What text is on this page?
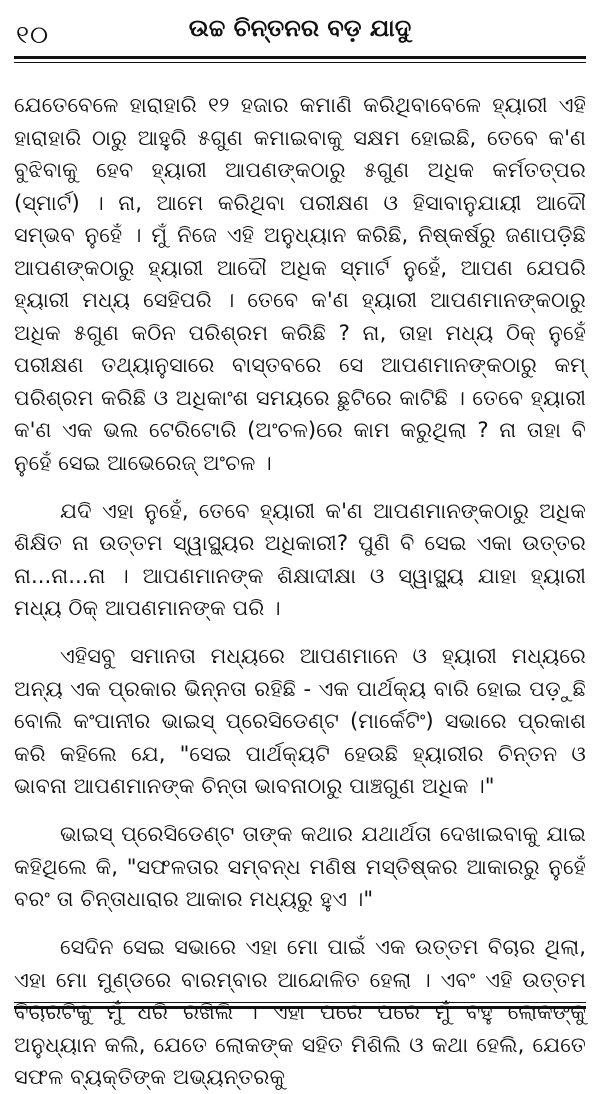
୧୦	ଉଚ୍ଚ ଚିନ୍ତନର ବଡ଼ ଯାଦୁ

ଯେତେବେଳେ ହାରାହାରି ୧୨ ହଜାର କମାଣି କରିଥିବାବେଳେ ହ୍ୟାରୀ ଏହି ହାରାହାରି ଠାରୁ ଆହୁରି ୫ଗୁଣ କମାଇବାକୁ ସକ୍ଷମ ହୋଇଛି, ତେବେ କ'ଣ ବୁଝିବାକୁ ହେବ ହ୍ୟାରୀ ଆପଣଙ୍କଠାରୁ ୫ଗୁଣ ଅଧିକ କର୍ମତତ୍ପର (ସ୍ମାର୍ଟ) । ନା, ଆମେ କରିଥିବା ପରୀକ୍ଷଣ ଓ ହିସାବାନୁଯାୟୀ ଆଦୌ ସମ୍ଭବ ନୁହେଁ । ମୁଁ ନିଜେ ଏହି ଅନୁଧ୍ୟାନ କରିଛି, ନିଷ୍କର୍ଷରୁ ଜଣାପଡ଼ିଛି ଆପଣଙ୍କଠାରୁ ହ୍ୟାରୀ ଆଦୌ ଅଧିକ ସ୍ମାର୍ଟ ନୁହେଁ, ଆପଣ ଯେପରି ହ୍ୟାରୀ ମଧ୍ୟ ସେହିପରି । ତେବେ କ'ଣ ହ୍ୟାରୀ ଆପଣମାନଙ୍କଠାରୁ ଅଧିକ ୫ଗୁଣ କଠିନ ପରିଶ୍ରମ କରିଛି ? ନା, ତାହା ମଧ୍ୟ ଠିକ୍ ନୁହେଁ ପରୀକ୍ଷଣ ତଥ୍ୟାନୁସାରେ ବାସ୍ତବରେ ସେ ଆପଣମାନଙ୍କଠାରୁ କମ୍ ପରିଶ୍ରମ କରିଛି ଓ ଅଧିକାଂଶ ସମୟରେ ଛୁଟିରେ କାଟିଛି । ତେବେ ହ୍ୟାରୀ କ'ଣ ଏକ ଭଲ ଟେରିଟୋରି (ଅଂଚଳ)ରେ କାମ କରୁଥିଲା ? ନା ତାହା ବି ନୁହେଁ ସେଇ ଆଭେରେଜ୍ ଅଂଚଳ ।

ଯଦି ଏହା ନୁହେଁ, ତେବେ ହ୍ୟାରୀ କ'ଣ ଆପଣମାନଙ୍କଠାରୁ ଅଧିକ ଶିକ୍ଷିତ ନା ଉତ୍ତମ ସ୍ୱାସ୍ଥ୍ୟର ଅଧିକାରୀ? ପୁଣି ବି ସେଇ ଏକା ଉତ୍ତର ନା...ନା...ନା । ଆପଣମାନଙ୍କ ଶିକ୍ଷାଦୀକ୍ଷା ଓ ସ୍ୱାସ୍ଥ୍ୟ ଯାହା ହ୍ୟାରୀ ମଧ୍ୟ ଠିକ୍ ଆପଣମାନଙ୍କ ପରି ।

ଏହିସବୁ ସମାନତା ମଧ୍ୟରେ ଆପଣମାନେ ଓ ହ୍ୟାରୀ ମଧ୍ୟରେ ଅନ୍ୟ ଏକ ପ୍ରକାର ଭିନ୍ନତା ରହିଛି - ଏକ ପାର୍ଥକ୍ୟ ବାରି ହୋଇ ପଡ଼ୁଛି ବୋଲି କଂପାନୀର ଭାଇସ୍ ପ୍ରେସିଡେଣ୍ଟ (ମାର୍କେଟିଂ) ସଭାରେ ପ୍ରକାଶ କରି କହିଲେ ଯେ, "ସେଇ ପାର୍ଥକ୍ୟଟି ହେଉଛି ହ୍ୟାରୀର ଚିନ୍ତନ ଓ ଭାବନା ଆପଣମାନଙ୍କ ଚିନ୍ତା ଭାବନାଠାରୁ ପାଞ୍ଚଗୁଣ ଅଧିକ ।"

ଭାଇସ୍ ପ୍ରେସିଡେଣ୍ଟ ତାଙ୍କ କଥାର ଯଥାର୍ଥତା ଦେଖାଇବାକୁ ଯାଇ କହିଥିଲେ କି, "ସଫଳତାର ସମ୍ବନ୍ଧ ମଣିଷ ମସ୍ତିଷ୍କର ଆକାରରୁ ନୁହେଁ ବରଂ ତା ଚିନ୍ତାଧାରାର ଆକାର ମଧ୍ୟରୁ ହୁଏ ।"

ସେଦିନ ସେଇ ସଭାରେ ଏହା ମୋ ପାଇଁ ଏକ ଉତ୍ତମ ବିଚାର ଥିଲା, ଏହା ମୋ ମୁଣ୍ଡରେ ବାରମ୍ବାର ଆନ୍ଦୋଳିତ ହେଲା । ଏବଂ ଏହି ଉତ୍ତମ ବିଚାରଟିକୁ ମୁଁ ଧରି ରଖିଲି । ଏହା ପରେ ପରେ ମୁଁ ବହୁ ଲୋକଙ୍କୁ ଅନୁଧ୍ୟାନ କଲି, ଯେତେ ଲୋକଙ୍କ ସହିତ ମିଶିଲି ଓ କଥା ହେଲି, ଯେତେ ସଫଳ ବ୍ୟକ୍ତିଙ୍କ ଅଭ୍ୟନ୍ତରକୁ
